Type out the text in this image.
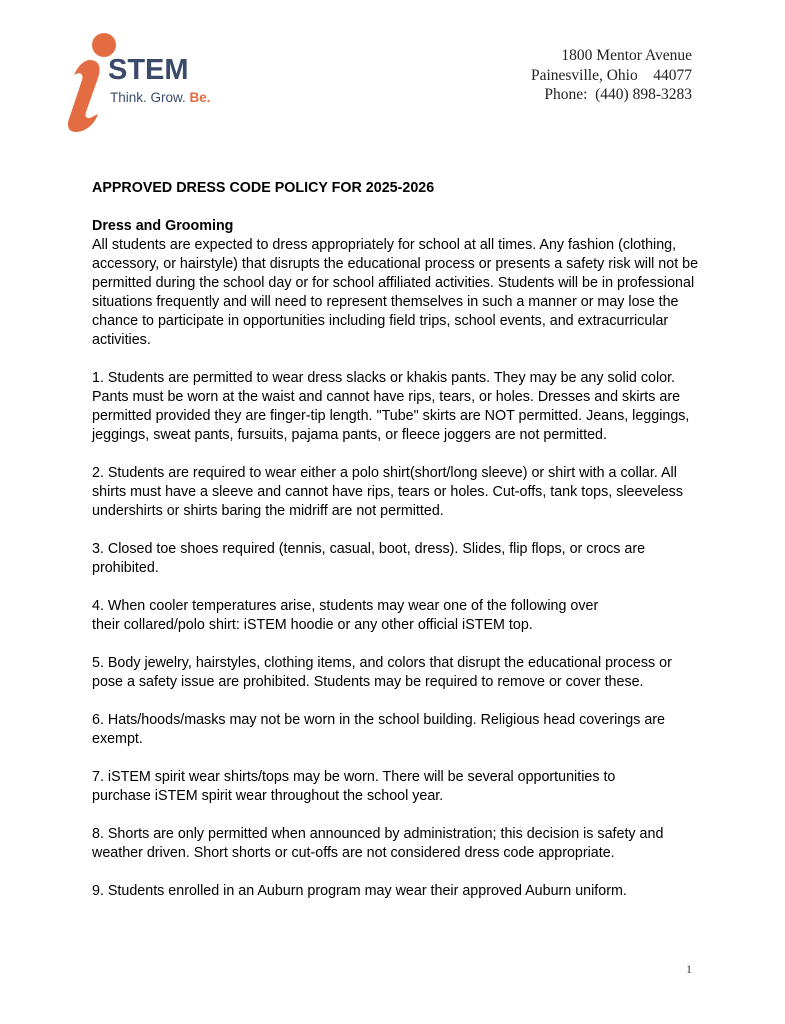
STEM
Think. Grow. Be.
1800 Mentor Avenue
Painesville, Ohio    44077
Phone:  (440) 898-3283

APPROVED DRESS CODE POLICY FOR 2025-2026

Dress and Grooming

All students are expected to dress appropriately for school at all times. Any fashion (clothing, accessory, or hairstyle) that disrupts the educational process or presents a safety risk will not be permitted during the school day or for school affiliated activities. Students will be in professional situations frequently and will need to represent themselves in such a manner or may lose the chance to participate in opportunities including field trips, school events, and extracurricular activities.

1. Students are permitted to wear dress slacks or khakis pants. They may be any solid color. Pants must be worn at the waist and cannot have rips, tears, or holes. Dresses and skirts are permitted provided they are finger-tip length. "Tube" skirts are NOT permitted. Jeans, leggings, jeggings, sweat pants, fursuits, pajama pants, or fleece joggers are not permitted.

2. Students are required to wear either a polo shirt(short/long sleeve) or shirt with a collar. All shirts must have a sleeve and cannot have rips, tears or holes. Cut-offs, tank tops, sleeveless undershirts or shirts baring the midriff are not permitted.

3. Closed toe shoes required (tennis, casual, boot, dress). Slides, flip flops, or crocs are prohibited.

4. When cooler temperatures arise, students may wear one of the following over

their collared/polo shirt: iSTEM hoodie or any other official iSTEM top.

5. Body jewelry, hairstyles, clothing items, and colors that disrupt the educational process or pose a safety issue are prohibited. Students may be required to remove or cover these.

6. Hats/hoods/masks may not be worn in the school building. Religious head coverings are exempt.

7. iSTEM spirit wear shirts/tops may be worn. There will be several opportunities to

purchase iSTEM spirit wear throughout the school year.

8. Shorts are only permitted when announced by administration; this decision is safety and weather driven. Short shorts or cut-offs are not considered dress code appropriate.

9. Students enrolled in an Auburn program may wear their approved Auburn uniform.

1
